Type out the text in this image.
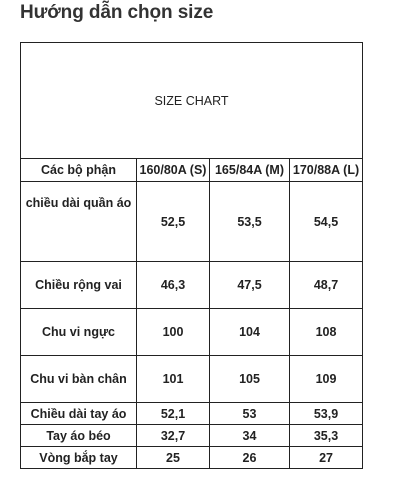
Hướng dẫn chọn size
SIZE CHART			
Các bộ phận	160/80A (S)	165/84A (M)	170/88A (L)
chiều dài quần áo	52,5	53,5	54,5
Chiều rộng vai	46,3	47,5	48,7
Chu vi ngực	100	104	108
Chu vi bàn chân	101	105	109
Chiều dài tay áo	52,1	53	53,9
Tay áo béo	32,7	34	35,3
Vòng bắp tay	25	26	27
